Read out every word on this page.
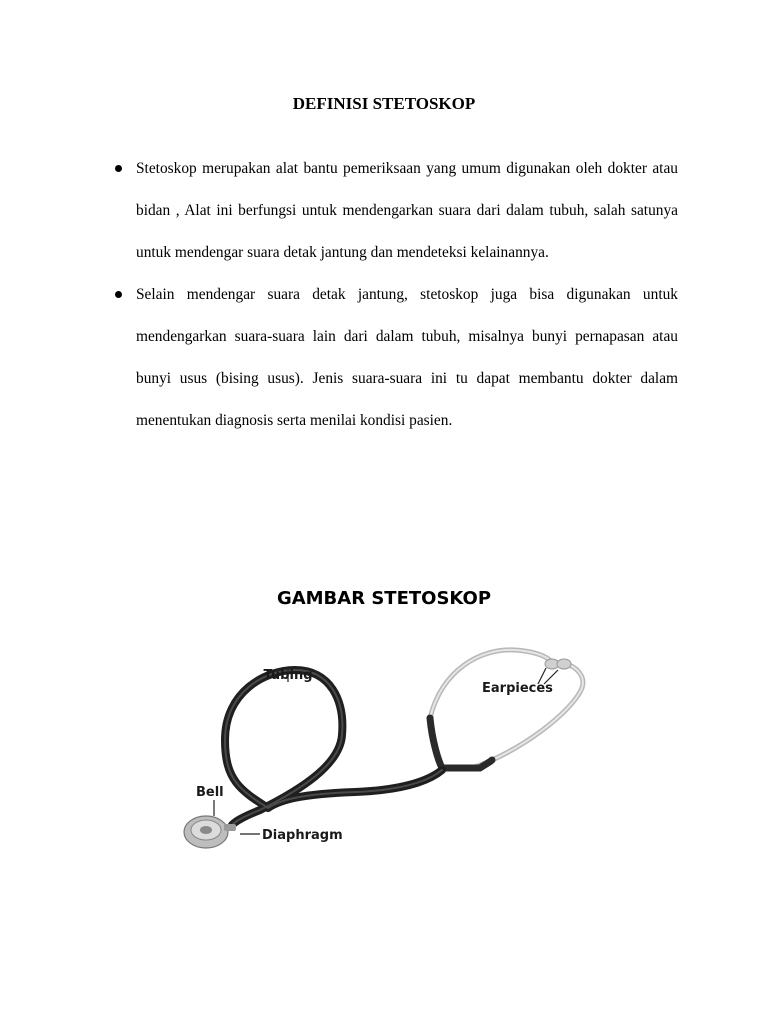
DEFINISI STETOSKOP
Stetoskop merupakan alat bantu pemeriksaan yang umum digunakan oleh dokter atau bidan , Alat ini berfungsi untuk mendengarkan suara dari dalam tubuh, salah satunya untuk mendengar suara detak jantung dan mendeteksi kelainannya.
Selain mendengar suara detak jantung, stetoskop juga bisa digunakan untuk mendengarkan suara-suara lain dari dalam tubuh, misalnya bunyi pernapasan atau bunyi usus (bising usus). Jenis suara-suara ini tu dapat membantu dokter dalam menentukan diagnosis serta menilai kondisi pasien.
GAMBAR STETOSKOP
Tubing
Earpieces
Bell
Diaphragm
